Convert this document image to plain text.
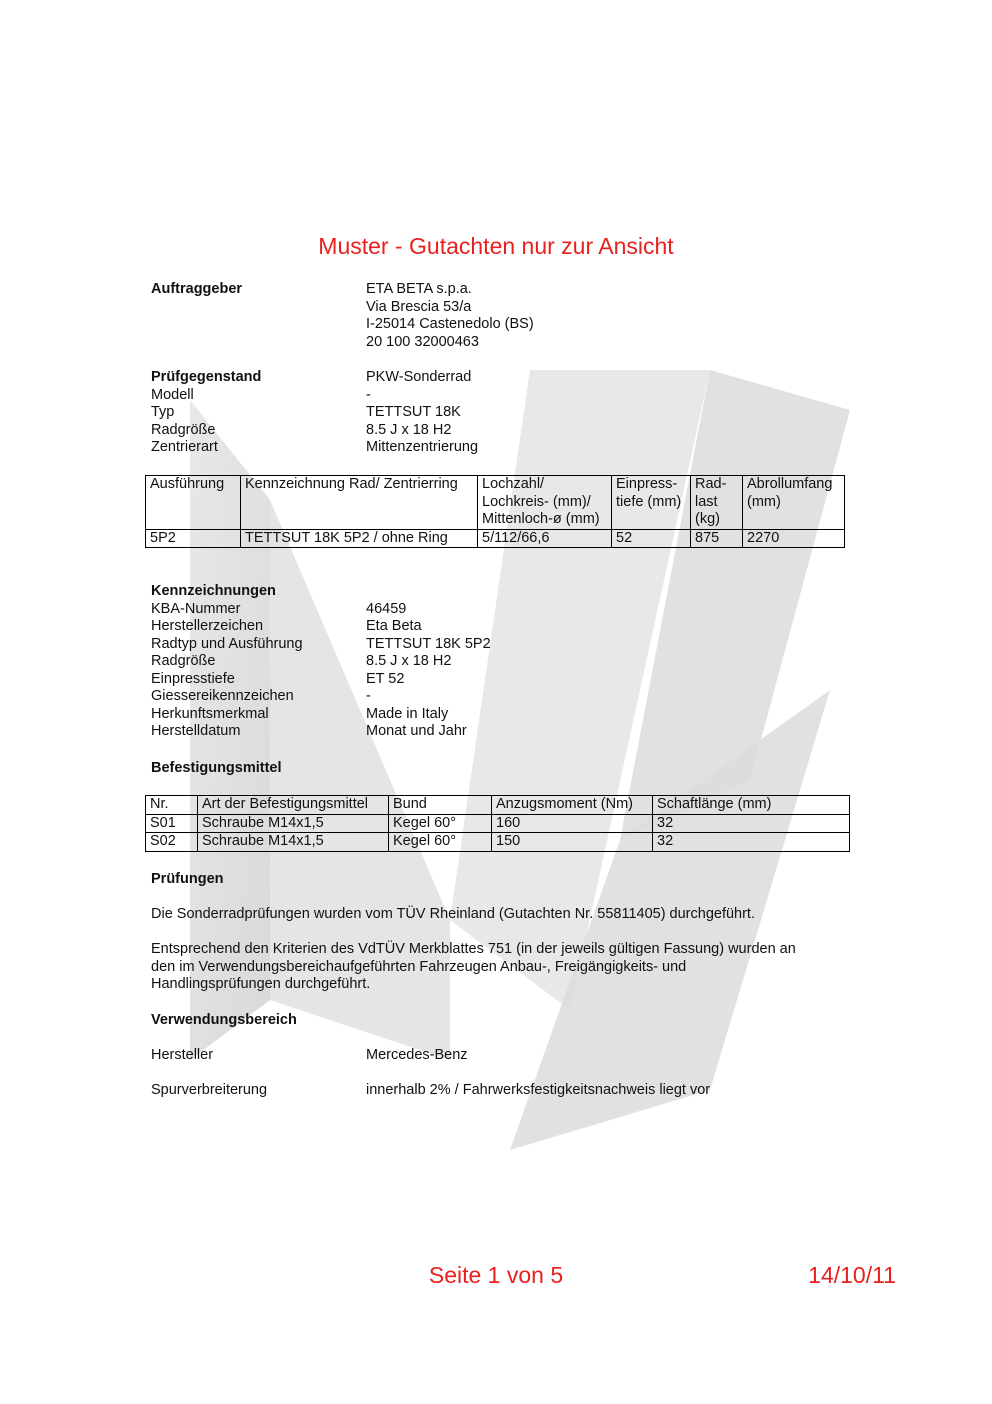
Muster - Gutachten nur zur Ansicht
Auftraggeber	ETA BETA s.p.a.
Via Brescia 53/a
I-25014 Castenedolo (BS)
20 100 32000463
Prüfgegenstand	PKW-Sonderrad
Modell	-
Typ	TETTSUT 18K
Radgröße	8.5 J x 18 H2
Zentrierart	Mittenzentrierung
Ausführung	Kennzeichnung Rad/ Zentrierring	Lochzahl/ Lochkreis- (mm)/ Mittenloch-ø (mm)	Einpress-tiefe (mm)	Rad-last (kg)	Abrollumfang (mm)
5P2	TETTSUT 18K 5P2 / ohne Ring	5/112/66,6	52	875	2270
Kennzeichnungen
KBA-Nummer	46459
Herstellerzeichen	Eta Beta
Radtyp und Ausführung	TETTSUT 18K 5P2
Radgröße	8.5 J x 18 H2
Einpresstiefe	ET 52
Giessereikennzeichen	-
Herkunftsmerkmal	Made in Italy
Herstelldatum	Monat und Jahr
Befestigungsmittel
Nr.	Art der Befestigungsmittel	Bund	Anzugsmoment (Nm)	Schaftlänge (mm)
S01	Schraube M14x1,5	Kegel 60°	160	32
S02	Schraube M14x1,5	Kegel 60°	150	32
Prüfungen
Die Sonderradprüfungen wurden vom TÜV Rheinland (Gutachten Nr. 55811405) durchgeführt.
Entsprechend den Kriterien des VdTÜV Merkblattes 751 (in der jeweils gültigen Fassung) wurden an
den im Verwendungsbereichaufgeführten Fahrzeugen Anbau-, Freigängigkeits- und
Handlingsprüfungen durchgeführt.
Verwendungsbereich
Hersteller	Mercedes-Benz
Spurverbreiterung	innerhalb 2% / Fahrwerksfestigkeitsnachweis liegt vor
Seite 1 von 5	14/10/11
